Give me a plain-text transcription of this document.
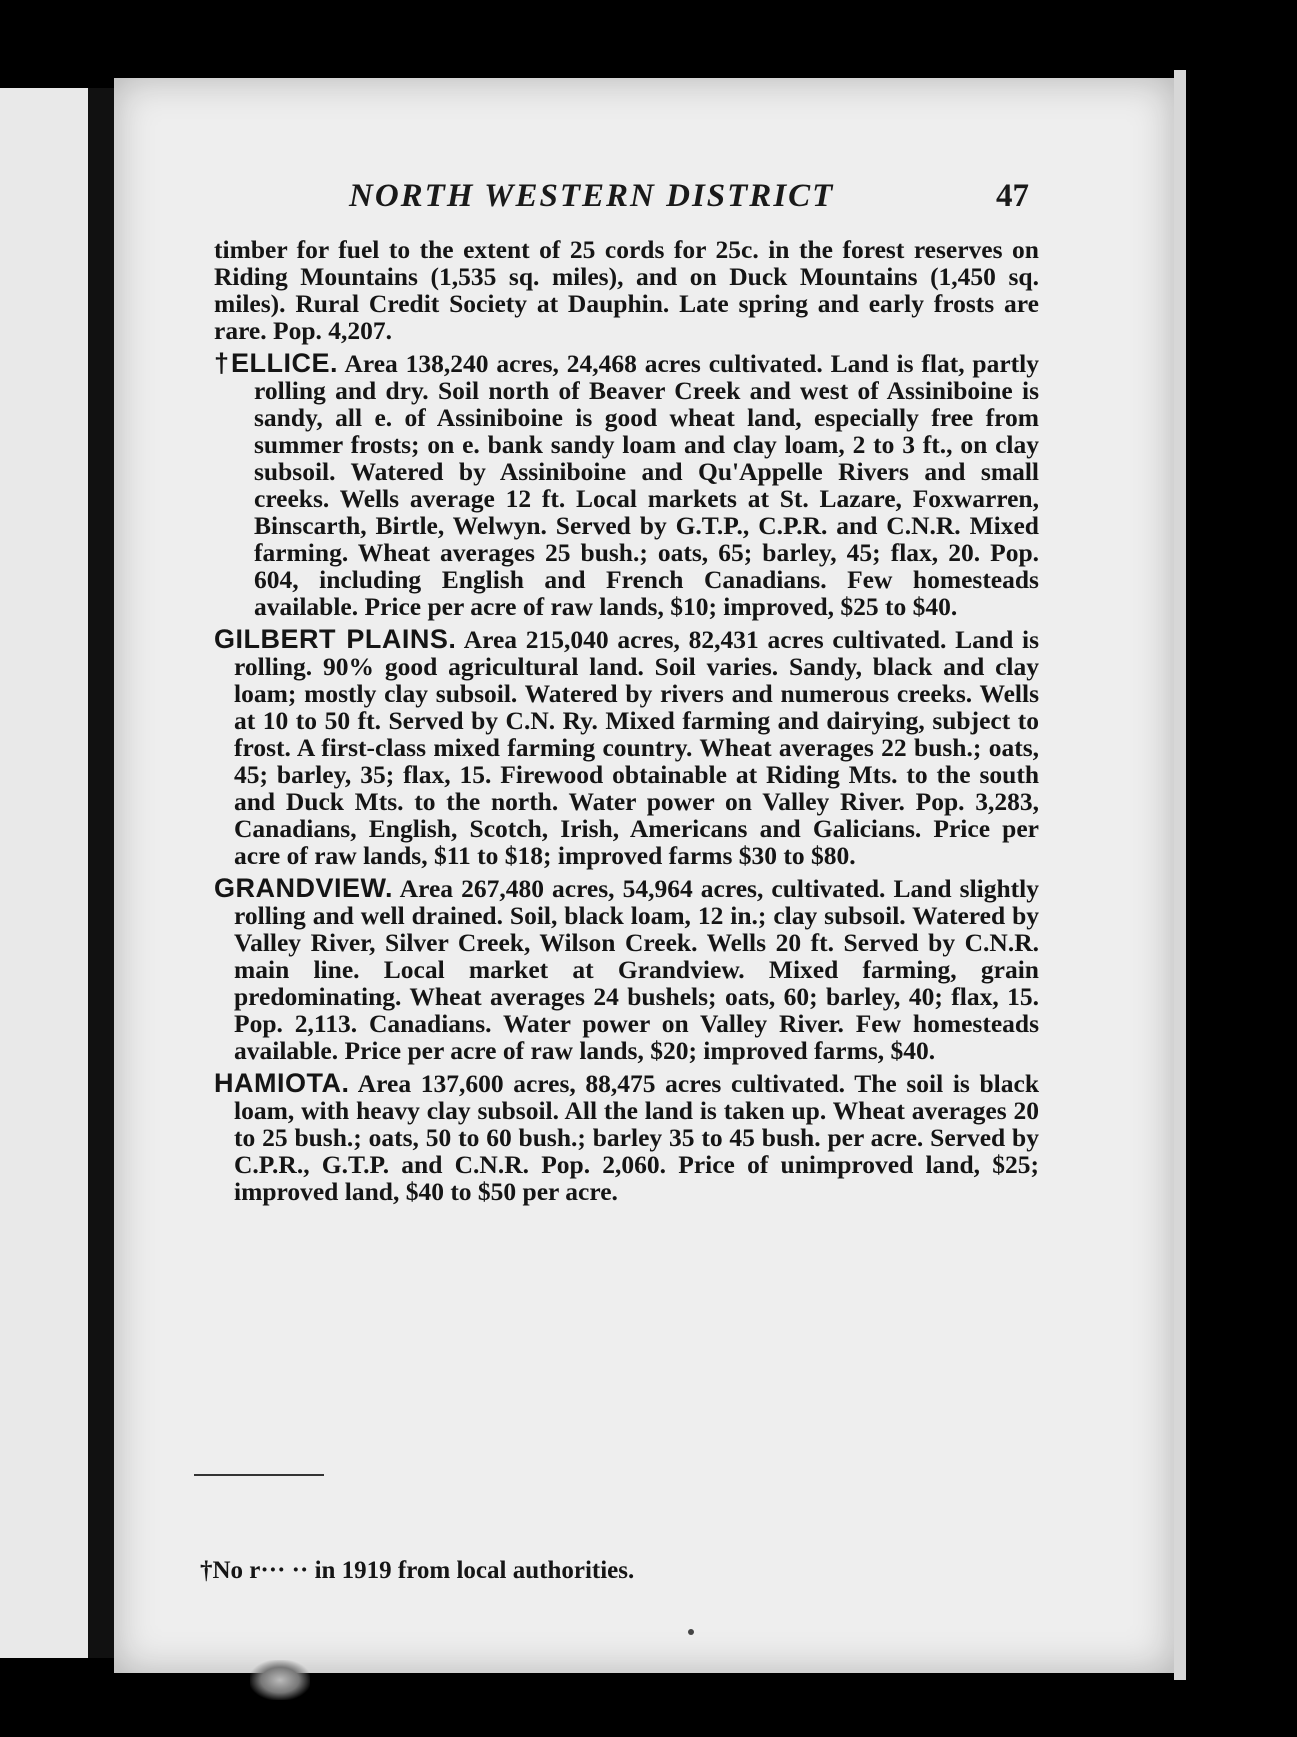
NORTH WESTERN DISTRICT	47

timber for fuel to the extent of 25 cords for 25c. in the forest reserves on Riding Mountains (1,535 sq. miles), and on Duck Mountains (1,450 sq. miles). Rural Credit Society at Dauphin. Late spring and early frosts are rare. Pop. 4,207.

†ELLICE. Area 138,240 acres, 24,468 acres cultivated. Land is flat, partly rolling and dry. Soil north of Beaver Creek and west of Assiniboine is sandy, all e. of Assiniboine is good wheat land, especially free from summer frosts; on e. bank sandy loam and clay loam, 2 to 3 ft., on clay subsoil. Watered by Assiniboine and Qu'Appelle Rivers and small creeks. Wells average 12 ft. Local markets at St. Lazare, Foxwarren, Binscarth, Birtle, Welwyn. Served by G.T.P., C.P.R. and C.N.R. Mixed farming. Wheat averages 25 bush.; oats, 65; barley, 45; flax, 20. Pop. 604, including English and French Canadians. Few homesteads available. Price per acre of raw lands, $10; improved, $25 to $40.

GILBERT PLAINS. Area 215,040 acres, 82,431 acres cultivated. Land is rolling. 90% good agricultural land. Soil varies. Sandy, black and clay loam; mostly clay subsoil. Watered by rivers and numerous creeks. Wells at 10 to 50 ft. Served by C.N. Ry. Mixed farming and dairying, subject to frost. A first-class mixed farming country. Wheat averages 22 bush.; oats, 45; barley, 35; flax, 15. Firewood obtainable at Riding Mts. to the south and Duck Mts. to the north. Water power on Valley River. Pop. 3,283, Canadians, English, Scotch, Irish, Americans and Galicians. Price per acre of raw lands, $11 to $18; improved farms $30 to $80.

GRANDVIEW. Area 267,480 acres, 54,964 acres, cultivated. Land slightly rolling and well drained. Soil, black loam, 12 in.; clay subsoil. Watered by Valley River, Silver Creek, Wilson Creek. Wells 20 ft. Served by C.N.R. main line. Local market at Grandview. Mixed farming, grain predominating. Wheat averages 24 bushels; oats, 60; barley, 40; flax, 15. Pop. 2,113. Canadians. Water power on Valley River. Few homesteads available. Price per acre of raw lands, $20; improved farms, $40.

HAMIOTA. Area 137,600 acres, 88,475 acres cultivated. The soil is black loam, with heavy clay subsoil. All the land is taken up. Wheat averages 20 to 25 bush.; oats, 50 to 60 bush.; barley 35 to 45 bush. per acre. Served by C.P.R., G.T.P. and C.N.R. Pop. 2,060. Price of unimproved land, $25; improved land, $40 to $50 per acre.

†No r··· ·· in 1919 from local authorities.
